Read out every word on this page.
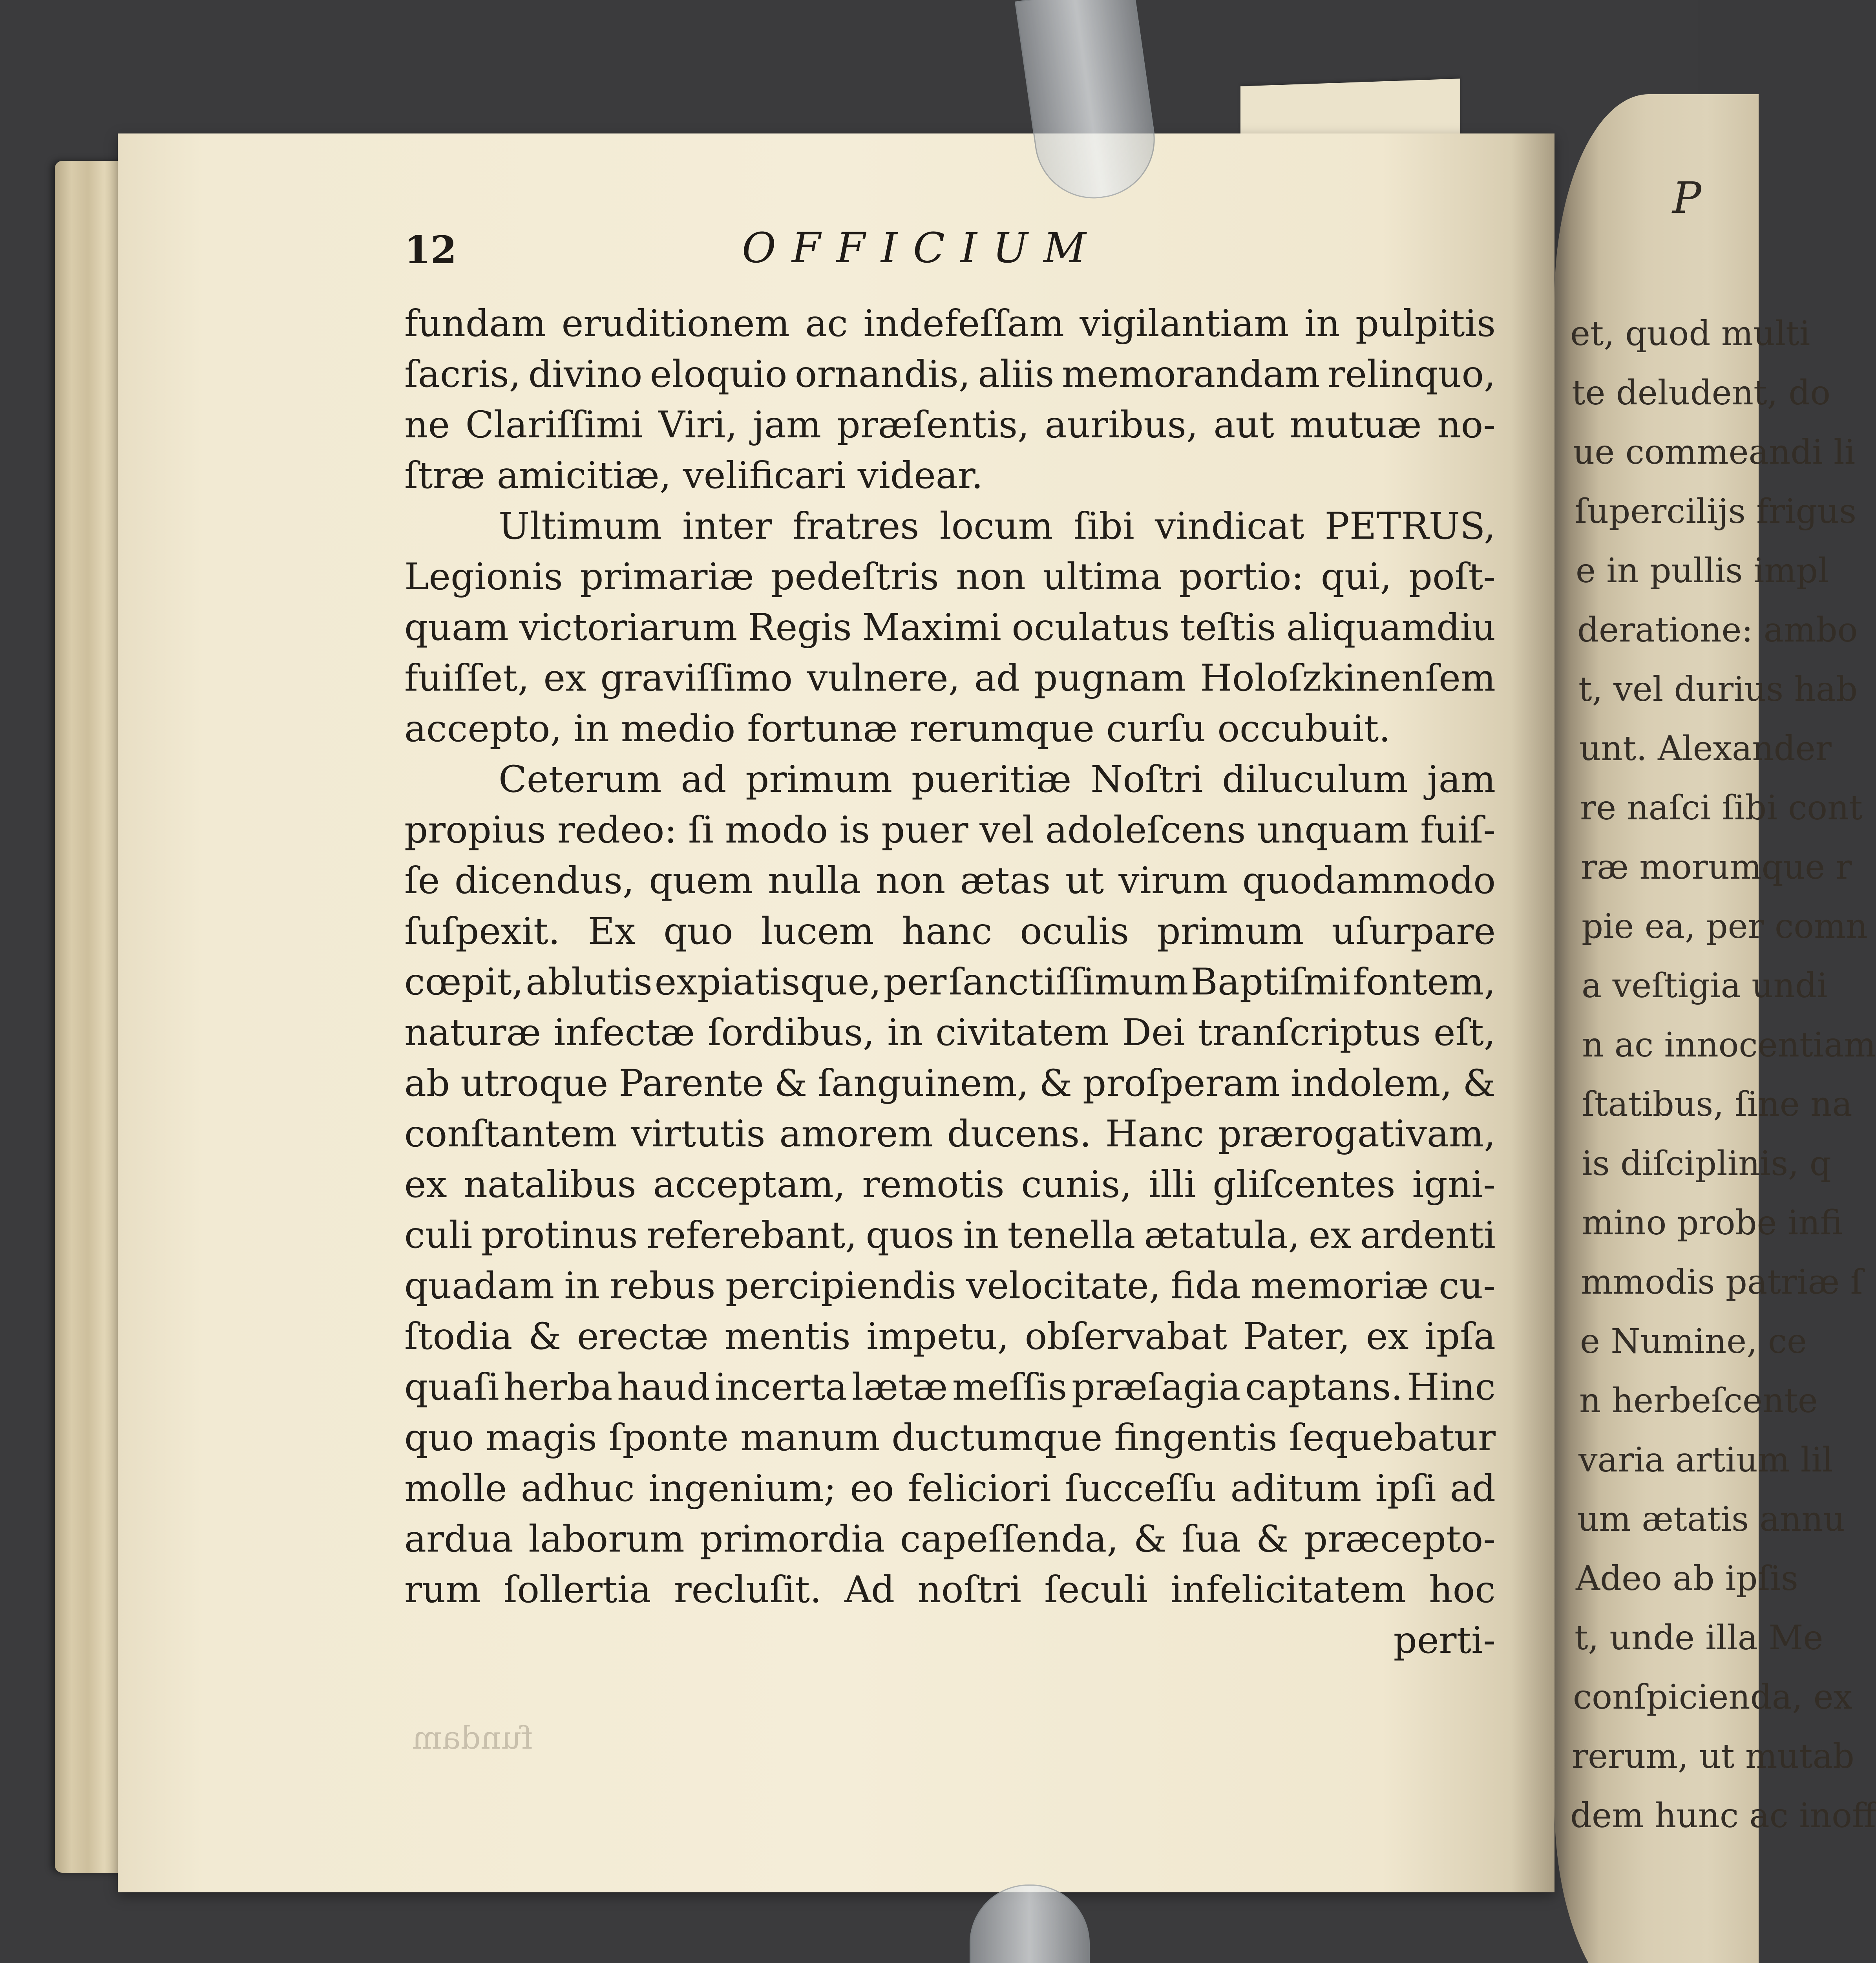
P
et, quod multi
te deludent, do
ue commeandi li
ſupercilijs frigus
e in pullis impl
deratione: ambo
t, vel durius hab
unt. Alexander
re naſci ſibi cont
ræ morumque r
pie ea, per comn
a veſtigia undi
n ac innocentiam
ſtatibus, ſine na
is diſciplinis, q
mino probe infi
mmodis patriæ ſ
e Numine, ce
n herbeſcente
varia artium lil
um ætatis annu
Adeo ab ipſis
t, unde illa Me
conſpicienda, ex
rerum, ut mutab
dem hunc ac inoff
12	OFFICIUM
fundam eruditionem ac indefeſſam vigilantiam in pulpitis
ſacris, divino eloquio ornandis, aliis memorandam relinquo,
ne Clariſſimi Viri, jam præſentis, auribus, aut mutuæ no-
ſtræ amicitiæ, velificari videar.
Ultimum inter fratres locum ſibi vindicat PETRUS,
Legionis primariæ pedeſtris non ultima portio: qui, poſt-
quam victoriarum Regis Maximi oculatus teſtis aliquamdiu
fuiſſet, ex graviſſimo vulnere, ad pugnam Holoſzkinenſem
accepto, in medio fortunæ rerumque curſu occubuit.
Ceterum ad primum pueritiæ Noſtri diluculum jam
propius redeo: ſi modo is puer vel adoleſcens unquam fuiſ-
ſe dicendus, quem nulla non ætas ut virum quodammodo
ſuſpexit. Ex quo lucem hanc oculis primum uſurpare
cœpit, ablutis expiatisque, per ſanctiſſimum Baptiſmi fontem,
naturæ infectæ ſordibus, in civitatem Dei tranſcriptus eſt,
ab utroque Parente & ſanguinem, & proſperam indolem, &
conſtantem virtutis amorem ducens. Hanc prærogativam,
ex natalibus acceptam, remotis cunis, illi gliſcentes igni-
culi protinus referebant, quos in tenella ætatula, ex ardenti
quadam in rebus percipiendis velocitate, fida memoriæ cu-
ſtodia & erectæ mentis impetu, obſervabat Pater, ex ipſa
quaſi herba haud incerta lætæ meſſis præſagia captans. Hinc
quo magis ſponte manum ductumque fingentis ſequebatur
molle adhuc ingenium; eo feliciori ſucceſſu aditum ipſi ad
ardua laborum primordia capeſſenda, & ſua & præcepto-
rum ſollertia recluſit. Ad noſtri ſeculi infelicitatem hoc
perti-
fundam
